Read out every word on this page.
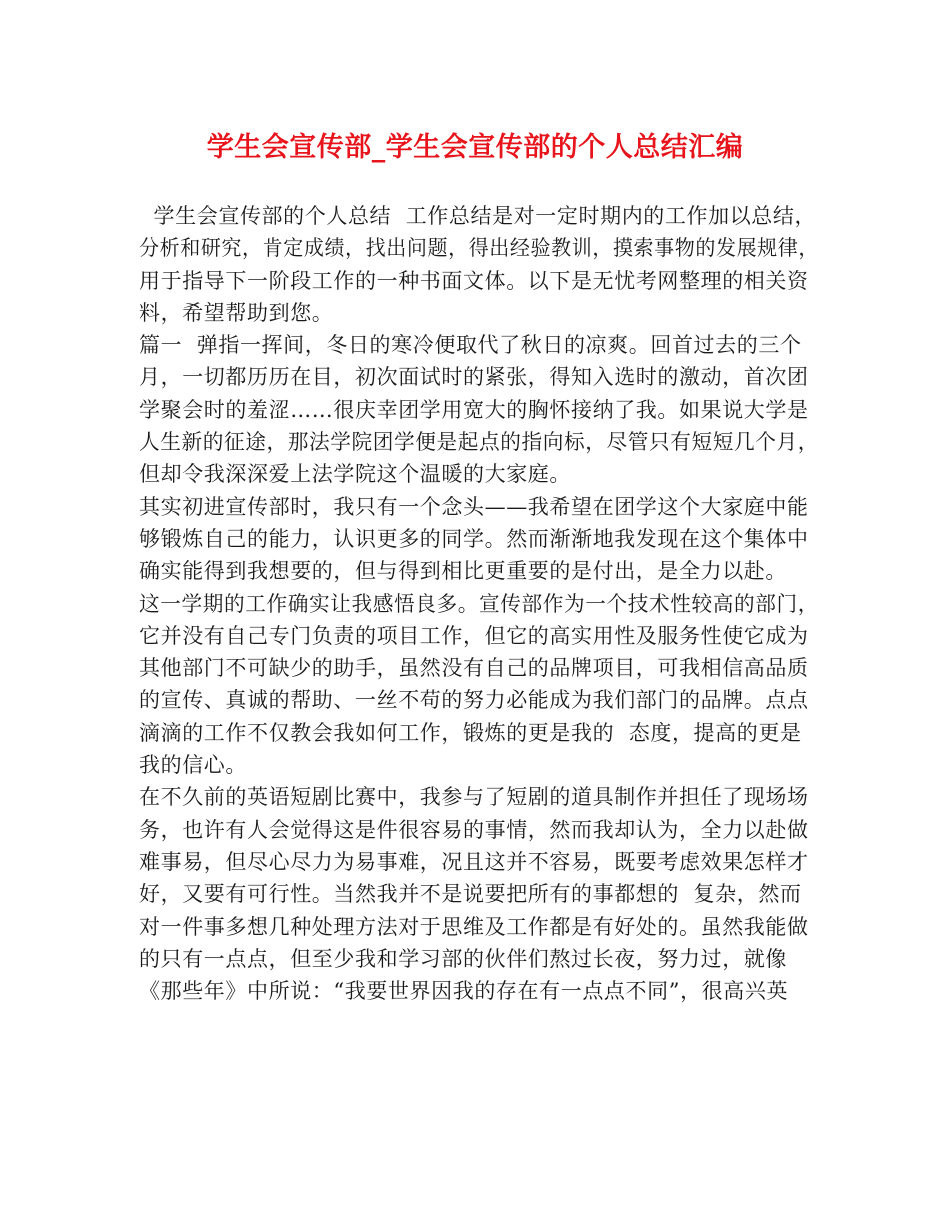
学生会宣传部_学生会宣传部的个人总结汇编
学生会宣传部的个人总结  工作总结是对一定时期内的工作加以总结，
分析和研究，肯定成绩，找出问题，得出经验教训，摸索事物的发展规律，
用于指导下一阶段工作的一种书面文体。以下是无忧考网整理的相关资
料，希望帮助到您。
篇一  弹指一挥间，冬日的寒冷便取代了秋日的凉爽。回首过去的三个
月，一切都历历在目，初次面试时的紧张，得知入选时的激动，首次团
学聚会时的羞涩……很庆幸团学用宽大的胸怀接纳了我。如果说大学是
人生新的征途，那法学院团学便是起点的指向标，尽管只有短短几个月，
但却令我深深爱上法学院这个温暖的大家庭。
其实初进宣传部时，我只有一个念头——我希望在团学这个大家庭中能
够锻炼自己的能力，认识更多的同学。然而渐渐地我发现在这个集体中
确实能得到我想要的，但与得到相比更重要的是付出，是全力以赴。
这一学期的工作确实让我感悟良多。宣传部作为一个技术性较高的部门，
它并没有自己专门负责的项目工作，但它的高实用性及服务性使它成为
其他部门不可缺少的助手，虽然没有自己的品牌项目，可我相信高品质
的宣传、真诚的帮助、一丝不苟的努力必能成为我们部门的品牌。点点
滴滴的工作不仅教会我如何工作，锻炼的更是我的  态度，提高的更是
我的信心。
在不久前的英语短剧比赛中，我参与了短剧的道具制作并担任了现场场
务，也许有人会觉得这是件很容易的事情，然而我却认为，全力以赴做
难事易，但尽心尽力为易事难，况且这并不容易，既要考虑效果怎样才
好，又要有可行性。当然我并不是说要把所有的事都想的  复杂，然而
对一件事多想几种处理方法对于思维及工作都是有好处的。虽然我能做
的只有一点点，但至少我和学习部的伙伴们熬过长夜，努力过，就像
《那些年》中所说：“我要世界因我的存在有一点点不同”，很高兴英
